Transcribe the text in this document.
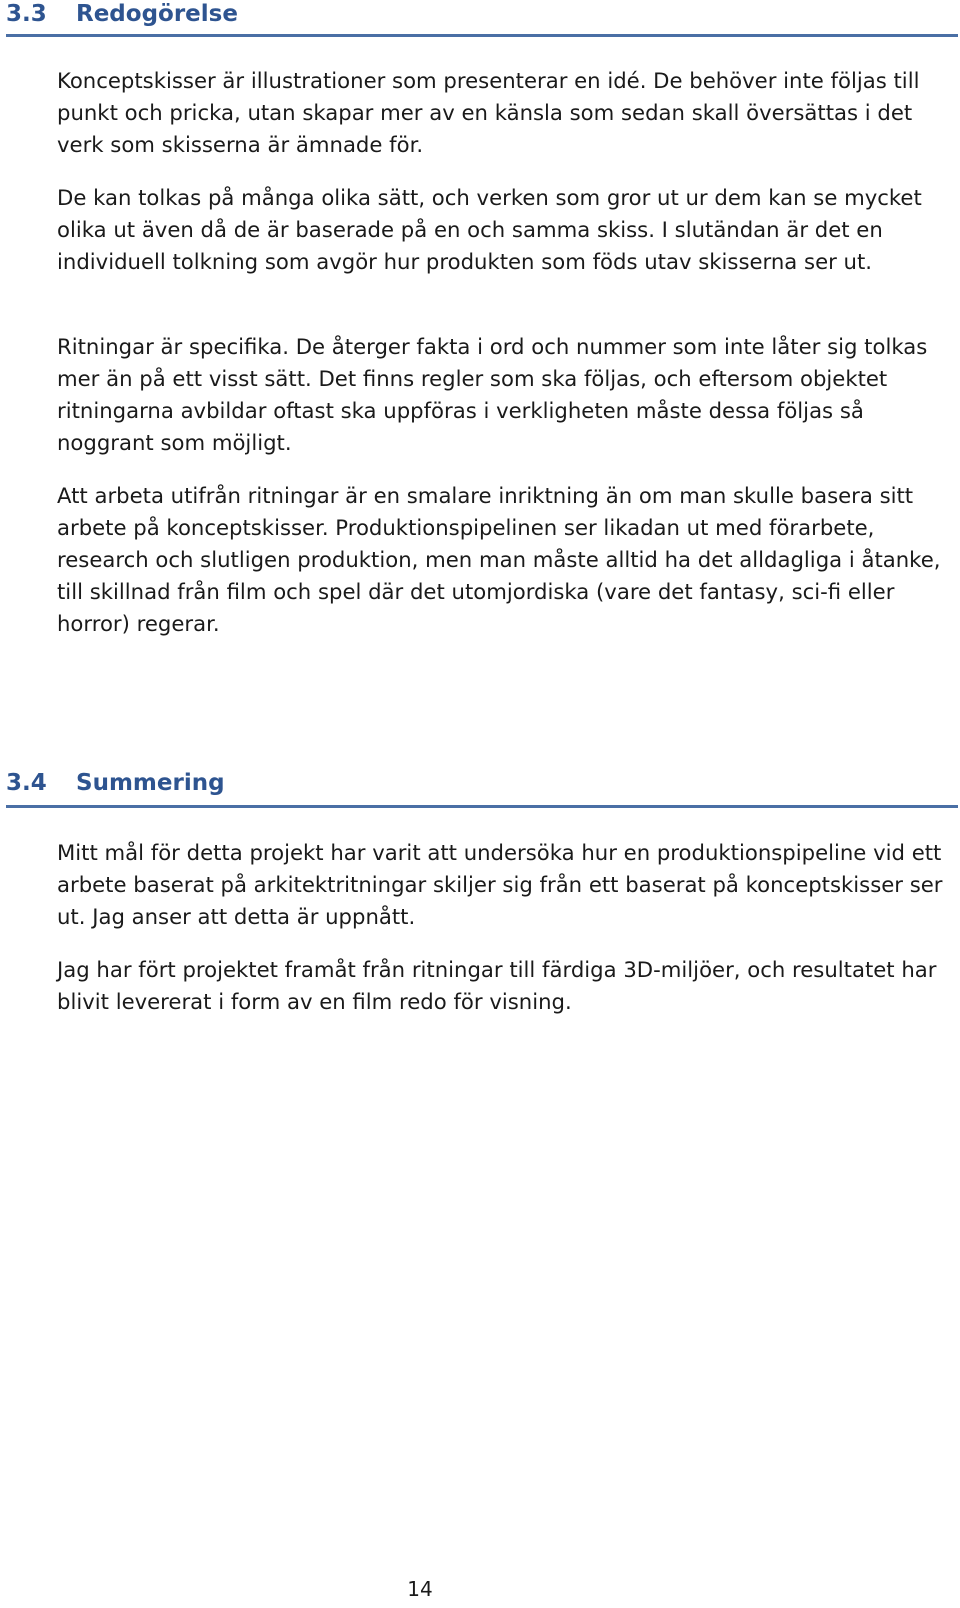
3.3 Redogörelse

Konceptskisser är illustrationer som presenterar en idé. De behöver inte följas till punkt och pricka, utan skapar mer av en känsla som sedan skall översättas i det verk som skisserna är ämnade för.

De kan tolkas på många olika sätt, och verken som gror ut ur dem kan se mycket olika ut även då de är baserade på en och samma skiss. I slutändan är det en individuell tolkning som avgör hur produkten som föds utav skisserna ser ut.

Ritningar är specifika. De återger fakta i ord och nummer som inte låter sig tolkas mer än på ett visst sätt. Det finns regler som ska följas, och eftersom objektet ritningarna avbildar oftast ska uppföras i verkligheten måste dessa följas så noggrant som möjligt.

Att arbeta utifrån ritningar är en smalare inriktning än om man skulle basera sitt arbete på konceptskisser. Produktionspipelinen ser likadan ut med förarbete, research och slutligen produktion, men man måste alltid ha det alldagliga i åtanke, till skillnad från film och spel där det utomjordiska (vare det fantasy, sci-fi eller horror) regerar.

3.4 Summering

Mitt mål för detta projekt har varit att undersöka hur en produktionspipeline vid ett arbete baserat på arkitektritningar skiljer sig från ett baserat på konceptskisser ser ut. Jag anser att detta är uppnått.

Jag har fört projektet framåt från ritningar till färdiga 3D-miljöer, och resultatet har blivit levererat i form av en film redo för visning.

14
